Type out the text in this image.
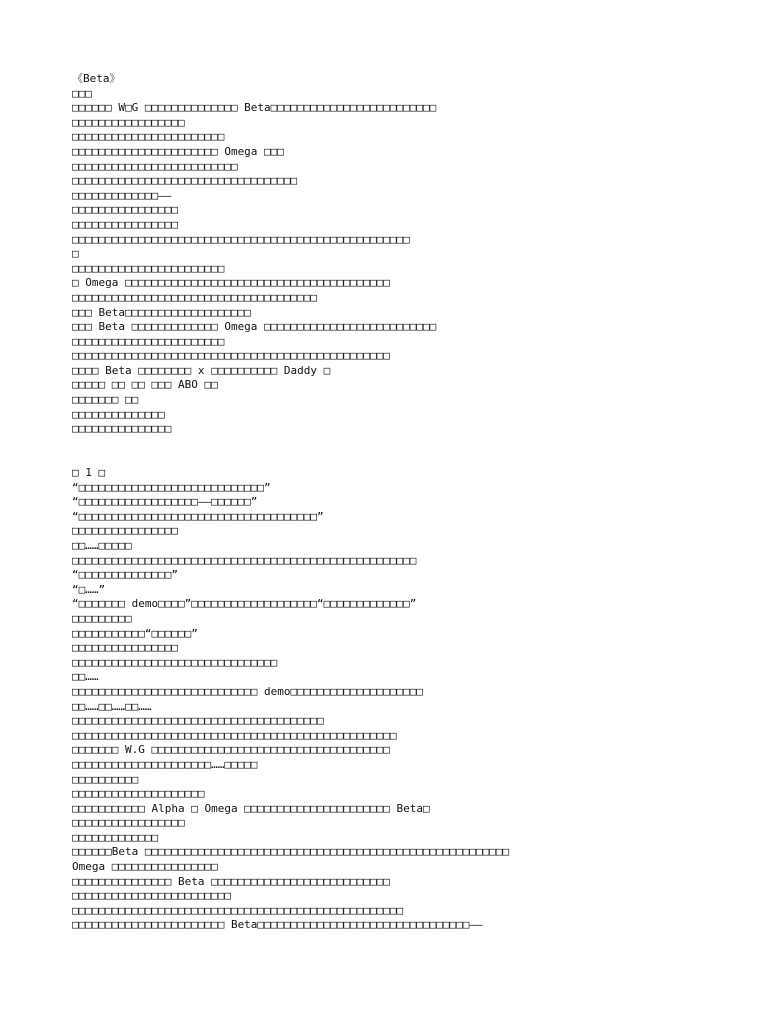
《Beta》
□□□
□□□□□□ W□G □□□□□□□□□□□□□□ Beta□□□□□□□□□□□□□□□□□□□□□□□□□
□□□□□□□□□□□□□□□□□
□□□□□□□□□□□□□□□□□□□□□□□
□□□□□□□□□□□□□□□□□□□□□□ Omega □□□
□□□□□□□□□□□□□□□□□□□□□□□□□
□□□□□□□□□□□□□□□□□□□□□□□□□□□□□□□□□□
□□□□□□□□□□□□□——
□□□□□□□□□□□□□□□□
□□□□□□□□□□□□□□□□
□□□□□□□□□□□□□□□□□□□□□□□□□□□□□□□□□□□□□□□□□□□□□□□□□□□
□
□□□□□□□□□□□□□□□□□□□□□□□
□ Omega □□□□□□□□□□□□□□□□□□□□□□□□□□□□□□□□□□□□□□□□
□□□□□□□□□□□□□□□□□□□□□□□□□□□□□□□□□□□□□
□□□ Beta□□□□□□□□□□□□□□□□□□□
□□□ Beta □□□□□□□□□□□□□ Omega □□□□□□□□□□□□□□□□□□□□□□□□□□
□□□□□□□□□□□□□□□□□□□□□□□
□□□□□□□□□□□□□□□□□□□□□□□□□□□□□□□□□□□□□□□□□□□□□□□□
□□□□ Beta □□□□□□□□ x □□□□□□□□□□ Daddy □
□□□□□ □□ □□ □□□ ABO □□
□□□□□□□ □□
□□□□□□□□□□□□□□
□□□□□□□□□□□□□□□
□ 1 □
“□□□□□□□□□□□□□□□□□□□□□□□□□□□□”
“□□□□□□□□□□□□□□□□□□——□□□□□□”
“□□□□□□□□□□□□□□□□□□□□□□□□□□□□□□□□□□□□”
□□□□□□□□□□□□□□□□
□□……□□□□□
□□□□□□□□□□□□□□□□□□□□□□□□□□□□□□□□□□□□□□□□□□□□□□□□□□□□
“□□□□□□□□□□□□□□”
“□……”
“□□□□□□□ demo□□□□”□□□□□□□□□□□□□□□□□□□“□□□□□□□□□□□□□”
□□□□□□□□□
□□□□□□□□□□□“□□□□□□”
□□□□□□□□□□□□□□□□
□□□□□□□□□□□□□□□□□□□□□□□□□□□□□□□
□□……
□□□□□□□□□□□□□□□□□□□□□□□□□□□□ demo□□□□□□□□□□□□□□□□□□□□
□□……□□……□□……
□□□□□□□□□□□□□□□□□□□□□□□□□□□□□□□□□□□□□□
□□□□□□□□□□□□□□□□□□□□□□□□□□□□□□□□□□□□□□□□□□□□□□□□□
□□□□□□□ W.G □□□□□□□□□□□□□□□□□□□□□□□□□□□□□□□□□□□□
□□□□□□□□□□□□□□□□□□□□□……□□□□□
□□□□□□□□□□
□□□□□□□□□□□□□□□□□□□□
□□□□□□□□□□□ Alpha □ Omega □□□□□□□□□□□□□□□□□□□□□□ Beta□
□□□□□□□□□□□□□□□□□
□□□□□□□□□□□□□
□□□□□□Beta □□□□□□□□□□□□□□□□□□□□□□□□□□□□□□□□□□□□□□□□□□□□□□□□□□□□□□□
Omega □□□□□□□□□□□□□□□□
□□□□□□□□□□□□□□□ Beta □□□□□□□□□□□□□□□□□□□□□□□□□□□
□□□□□□□□□□□□□□□□□□□□□□□□
□□□□□□□□□□□□□□□□□□□□□□□□□□□□□□□□□□□□□□□□□□□□□□□□□□
□□□□□□□□□□□□□□□□□□□□□□□ Beta□□□□□□□□□□□□□□□□□□□□□□□□□□□□□□□□——
